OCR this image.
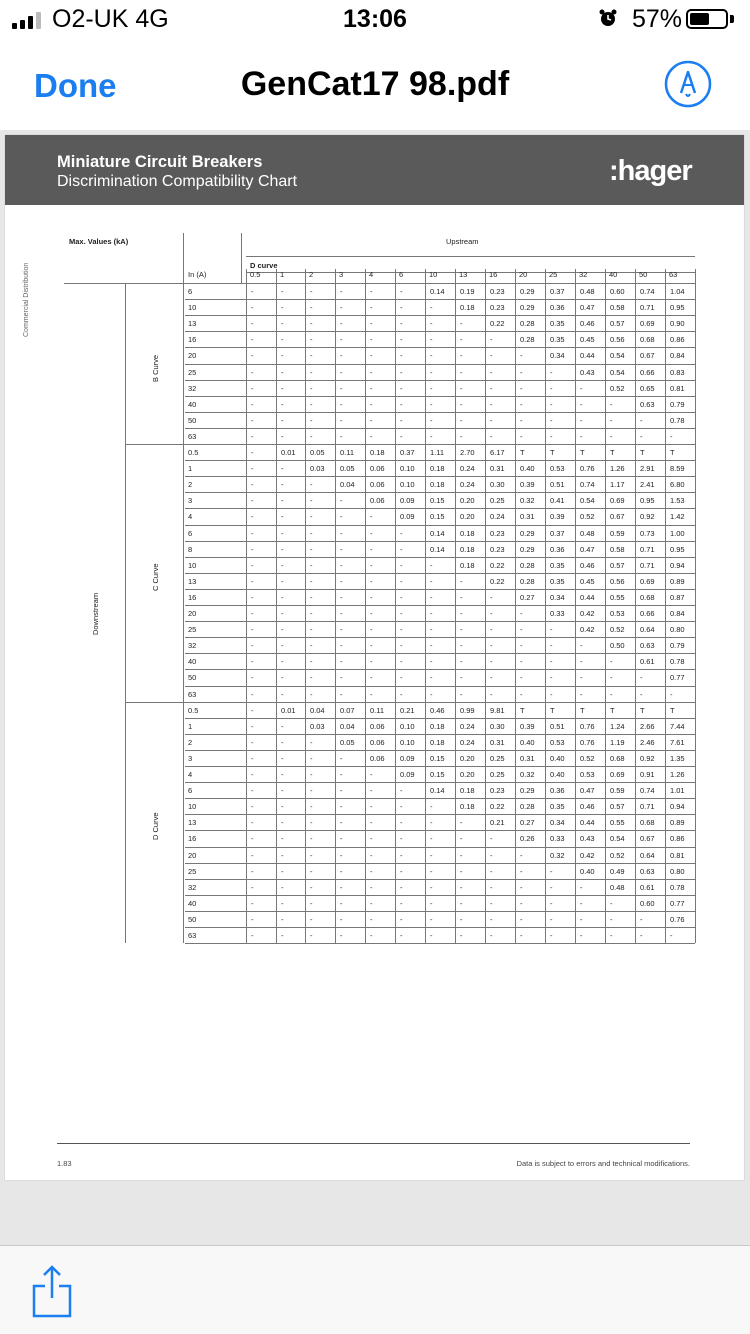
O2-UK 4G	13:06	57%
Done	GenCat17 98.pdf
Miniature Circuit Breakers
Discrimination Compatibility Chart	:hager
Commercial Distribution
Max. Values (kA)	Upstream
D curve
In (A)	0.5	1	2	3	4	6	10	13	16	20	25	32	40	50	63
Downstream
B Curve
6	-	-	-	-	-	-	0.14 0.19 0.23 0.29 0.37 0.48 0.60 0.74 1.04
10	-	-	-	-	-	-	-	0.18 0.23 0.29 0.36 0.47 0.58 0.71 0.95
13	-	-	-	-	-	-	-	-	0.22 0.28 0.35 0.46 0.57 0.69 0.90
16	-	-	-	-	-	-	-	-	-	0.28 0.35 0.45 0.56 0.68 0.86
20	-	-	-	-	-	-	-	-	-	-	0.34 0.44 0.54 0.67 0.84
25	-	-	-	-	-	-	-	-	-	-	-	0.43 0.54 0.66 0.83
32	-	-	-	-	-	-	-	-	-	-	-	-	0.52 0.65 0.81
40	-	-	-	-	-	-	-	-	-	-	-	-	-	0.63 0.79
50	-	-	-	-	-	-	-	-	-	-	-	-	-	-	0.78
63	-	-	-	-	-	-	-	-	-	-	-	-	-	-	-
C Curve
0.5	-	0.01 0.05 0.11 0.18 0.37 1.11 2.70 6.17 T	T	T	T	T	T
1	-	-	0.03 0.05 0.06 0.10 0.18 0.24 0.31 0.40 0.53 0.76 1.26 2.91 8.59
2	-	-	-	0.04 0.06 0.10 0.18 0.24 0.30 0.39 0.51 0.74 1.17 2.41 6.80
3	-	-	-	-	0.06 0.09 0.15 0.20 0.25 0.32 0.41 0.54 0.69 0.95 1.53
4	-	-	-	-	-	0.09 0.15 0.20 0.24 0.31 0.39 0.52 0.67 0.92 1.42
6	-	-	-	-	-	-	0.14 0.18 0.23 0.29 0.37 0.48 0.59 0.73 1.00
8	-	-	-	-	-	-	0.14 0.18 0.23 0.29 0.36 0.47 0.58 0.71 0.95
10	-	-	-	-	-	-	-	0.18 0.22 0.28 0.35 0.46 0.57 0.71 0.94
13	-	-	-	-	-	-	-	-	0.22 0.28 0.35 0.45 0.56 0.69 0.89
16	-	-	-	-	-	-	-	-	-	0.27 0.34 0.44 0.55 0.68 0.87
20	-	-	-	-	-	-	-	-	-	-	0.33 0.42 0.53 0.66 0.84
25	-	-	-	-	-	-	-	-	-	-	-	0.42 0.52 0.64 0.80
32	-	-	-	-	-	-	-	-	-	-	-	-	0.50 0.63 0.79
40	-	-	-	-	-	-	-	-	-	-	-	-	-	0.61 0.78
50	-	-	-	-	-	-	-	-	-	-	-	-	-	-	0.77
63	-	-	-	-	-	-	-	-	-	-	-	-	-	-	-
D Curve
0.5	-	0.01 0.04 0.07 0.11 0.21 0.46 0.99 9.81 T	T	T	T	T	T
1	-	-	0.03 0.04 0.06 0.10 0.18 0.24 0.30 0.39 0.51 0.76 1.24 2.66 7.44
2	-	-	-	0.05 0.06 0.10 0.18 0.24 0.31 0.40 0.53 0.76 1.19 2.46 7.61
3	-	-	-	-	0.06 0.09 0.15 0.20 0.25 0.31 0.40 0.52 0.68 0.92 1.35
4	-	-	-	-	-	0.09 0.15 0.20 0.25 0.32 0.40 0.53 0.69 0.91 1.26
6	-	-	-	-	-	-	0.14 0.18 0.23 0.29 0.36 0.47 0.59 0.74 1.01
10	-	-	-	-	-	-	-	0.18 0.22 0.28 0.35 0.46 0.57 0.71 0.94
13	-	-	-	-	-	-	-	-	0.21 0.27 0.34 0.44 0.55 0.68 0.89
16	-	-	-	-	-	-	-	-	-	0.26 0.33 0.43 0.54 0.67 0.86
20	-	-	-	-	-	-	-	-	-	-	0.32 0.42 0.52 0.64 0.81
25	-	-	-	-	-	-	-	-	-	-	-	0.40 0.49 0.63 0.80
32	-	-	-	-	-	-	-	-	-	-	-	-	0.48 0.61 0.78
40	-	-	-	-	-	-	-	-	-	-	-	-	-	0.60 0.77
50	-	-	-	-	-	-	-	-	-	-	-	-	-	-	0.76
63	-	-	-	-	-	-	-	-	-	-	-	-	-	-	-
1.83	Data is subject to errors and technical modifications.
